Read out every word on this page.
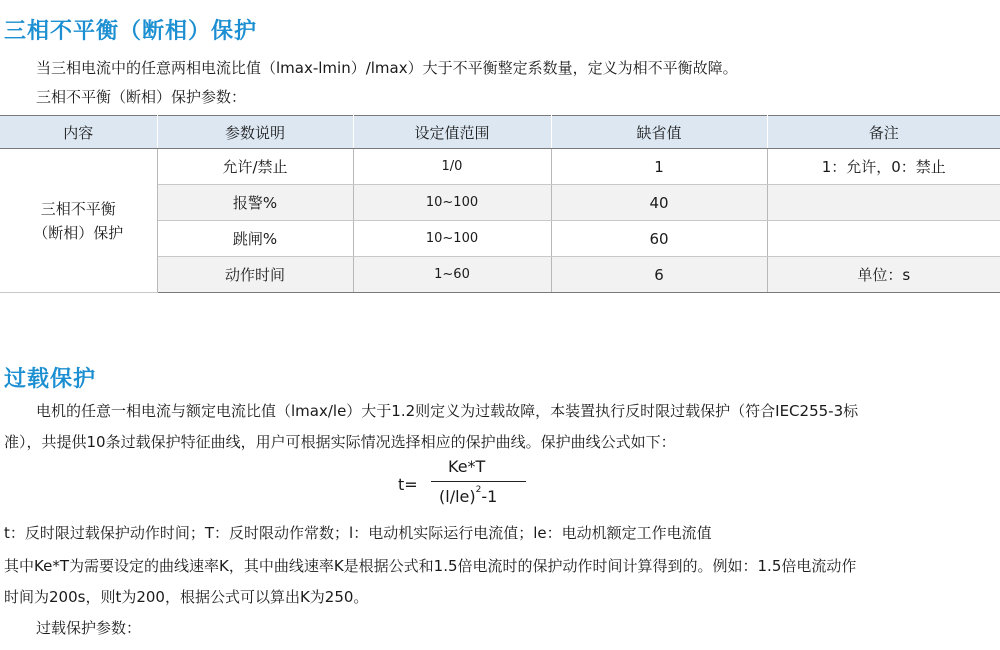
三相不平衡（断相）保护
当三相电流中的任意两相电流比值（lmax-lmin）/lmax）大于不平衡整定系数量，定义为相不平衡故障。
三相不平衡（断相）保护参数：
内容	参数说明	设定值范围	缺省值	备注

三相不平衡
（断相）保护	允许/禁止	1/0	1	1：允许，0：禁止
	报警%	10~100	40	
	跳闸%	10~100	60	
	动作时间	1~60	6	单位：s
过载保护
电机的任意一相电流与额定电流比值（lmax/le）大于1.2则定义为过载故障，本装置执行反时限过载保护（符合IEC255-3标
准），共提供10条过载保护特征曲线，用户可根据实际情况选择相应的保护曲线。保护曲线公式如下：
t=
Ke*T
$(l/le)^2-1$
t：反时限过载保护动作时间；T：反时限动作常数；l：电动机实际运行电流值；le：电动机额定工作电流值
其中Ke*T为需要设定的曲线速率K，其中曲线速率K是根据公式和1.5倍电流时的保护动作时间计算得到的。例如：1.5倍电流动作
时间为200s，则t为200，根据公式可以算出K为250。
过载保护参数：
